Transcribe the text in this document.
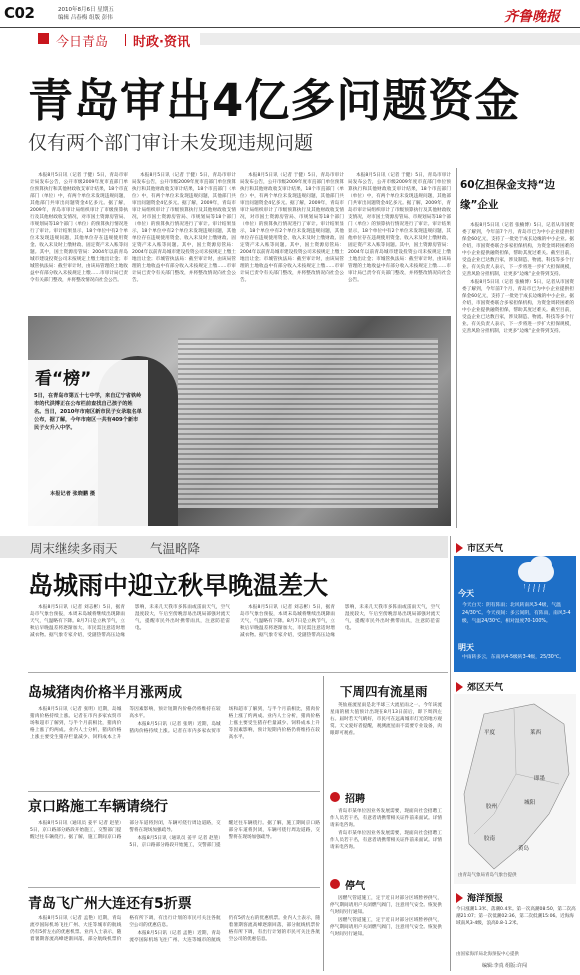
C02	2010年8月6日 星期五
编辑 吕春梅 组版 彭伟	齐鲁晚报
今日青岛 时政·资讯
青岛审出4亿多问题资金
仅有两个部门审计未发现违规问题

本报8月5日讯（记者 于健）5日，青岛市审计局发布公告，公开市级2009年度市直部门单位预算执行和其他财政收支审计结果，18个市直部门（单位）中，有两个单位未发现违规问题，其他部门共审出问题资金4亿多元。据了解，2009年，青岛市审计局组织审计了市级预算执行及其他财政收支情况，对市国土资源房管局、市规划局等18个部门（单位）的预算执行情况进行了审计。审计结果显示，18个单位中有2个单位未发现违规问题，其他单位存在违规使用资金、收入未及时上缴财政、固定资产未入账等问题。其中，国土资源房管局：2004年以前青岛城市建设投资公司未按规定上缴土地出让金；市城管执法局：截至审计时，由该局管理的土地收益中有部分收入未按规定上缴……市审计局已责令有关部门整改，并将整改情况向社会公告。

本报8月5日讯（记者 于健）5日，青岛市审计局发布公告，公开市级2009年度市直部门单位预算执行和其他财政收支审计结果，18个市直部门（单位）中，有两个单位未发现违规问题，其他部门共审出问题资金4亿多元。据了解，2009年，青岛市审计局组织审计了市级预算执行及其他财政收支情况，对市国土资源房管局、市规划局等18个部门（单位）的预算执行情况进行了审计。审计结果显示，18个单位中有2个单位未发现违规问题，其他单位存在违规使用资金、收入未及时上缴财政、固定资产未入账等问题。其中，国土资源房管局：2004年以前青岛城市建设投资公司未按规定上缴土地出让金；市城管执法局：截至审计时，由该局管理的土地收益中有部分收入未按规定上缴……市审计局已责令有关部门整改，并将整改情况向社会公告。

本报8月5日讯（记者 于健）5日，青岛市审计局发布公告，公开市级2009年度市直部门单位预算执行和其他财政收支审计结果，18个市直部门（单位）中，有两个单位未发现违规问题，其他部门共审出问题资金4亿多元。据了解，2009年，青岛市审计局组织审计了市级预算执行及其他财政收支情况，对市国土资源房管局、市规划局等18个部门（单位）的预算执行情况进行了审计。审计结果显示，18个单位中有2个单位未发现违规问题，其他单位存在违规使用资金、收入未及时上缴财政、固定资产未入账等问题。其中，国土资源房管局：2004年以前青岛城市建设投资公司未按规定上缴土地出让金；市城管执法局：截至审计时，由该局管理的土地收益中有部分收入未按规定上缴……市审计局已责令有关部门整改，并将整改情况向社会公告。

本报8月5日讯（记者 于健）5日，青岛市审计局发布公告，公开市级2009年度市直部门单位预算执行和其他财政收支审计结果，18个市直部门（单位）中，有两个单位未发现违规问题，其他部门共审出问题资金4亿多元。据了解，2009年，青岛市审计局组织审计了市级预算执行及其他财政收支情况，对市国土资源房管局、市规划局等18个部门（单位）的预算执行情况进行了审计。审计结果显示，18个单位中有2个单位未发现违规问题，其他单位存在违规使用资金、收入未及时上缴财政、固定资产未入账等问题。其中，国土资源房管局：2004年以前青岛城市建设投资公司未按规定上缴土地出让金；市城管执法局：截至审计时，由该局管理的土地收益中有部分收入未按规定上缴……市审计局已责令有关部门整改，并将整改情况向社会公告。

看“榜”
5日，在青岛市第五十七中学，来自辽宁省铁岭市的代洪博正在公布栏前查找自己孩子的姓名。当日，2010年市南区新市民子女录取名单公布，据了解，今年市南区一共有409个新市民子女升入中学。
本报记者 张晓鹏 摄
60亿担保金支持“边缘”企业

本报8月5日讯（记者 张楠博）5日，记者从市国资委了解到，今年前7个月，青岛市已为中小企业提供担保金60亿元，支持了一批处于成长边缘的中小企业。据介绍，市国资委联合多家担保机构，为资金周转困难的中小企业提供融资担保，帮助其度过难关。截至目前，受益企业已达数百家，涉及制造、物流、科技等多个行业。有关负责人表示，下一步将进一步扩大担保规模，完善风险分担机制，让更多“边缘”企业得到支持。

本报8月5日讯（记者 张楠博）5日，记者从市国资委了解到，今年前7个月，青岛市已为中小企业提供担保金60亿元，支持了一批处于成长边缘的中小企业。据介绍，市国资委联合多家担保机构，为资金周转困难的中小企业提供融资担保，帮助其度过难关。截至目前，受益企业已达数百家，涉及制造、物流、科技等多个行业。有关负责人表示，下一步将进一步扩大担保规模，完善风险分担机制，让更多“边缘”企业得到支持。

周末继续多雨天	气温略降
岛城雨中迎立秋早晚温差大

本报8月5日讯（记者 刘志彬）5日，据青岛市气象台预报，本周末岛城将继续出现降雨天气，气温略有下降。8月7日是立秋节气，立秋后早晚温差将逐渐加大，市民需注意适时增减衣物。据气象专家介绍，受副热带高压边缘影响，未来几天我市多阵雨或雷雨天气，空气湿度较大，午后至傍晚容易出现局部强对流天气，提醒市民外出时携带雨具，注意防范雷电。

本报8月5日讯（记者 刘志彬）5日，据青岛市气象台预报，本周末岛城将继续出现降雨天气，气温略有下降。8月7日是立秋节气，立秋后早晚温差将逐渐加大，市民需注意适时增减衣物。据气象专家介绍，受副热带高压边缘影响，未来几天我市多阵雨或雷雨天气，空气湿度较大，午后至傍晚容易出现局部强对流天气，提醒市民外出时携带雨具，注意防范雷电。

岛城猪肉价格半月涨两成

本报8月5日讯（记者 张明）近期，岛城猪肉价格持续上涨。记者在市内多家农贸市场和超市了解到，与半个月前相比，猪肉价格上涨了约两成。业内人士分析，猪肉价格上涨主要受生猪存栏量减少、饲料成本上升等因素影响，预计短期内价格仍将维持在较高水平。

本报8月5日讯（记者 张明）近期，岛城猪肉价格持续上涨。记者在市内多家农贸市场和超市了解到，与半个月前相比，猪肉价格上涨了约两成。业内人士分析，猪肉价格上涨主要受生猪存栏量减少、饲料成本上升等因素影响，预计短期内价格仍将维持在较高水平。

京口路施工车辆请绕行

本报8月5日讯（通讯员 姜平 记者 赵堃）5日，京口路部分路段开始施工，交警部门提醒过往车辆绕行。据了解，施工期间京口路部分车道将封闭，车辆可绕行周边道路，交警将在现场加强疏导。

本报8月5日讯（通讯员 姜平 记者 赵堃）5日，京口路部分路段开始施工，交警部门提醒过往车辆绕行。据了解，施工期间京口路部分车道将封闭，车辆可绕行周边道路，交警将在现场加强疏导。

青岛飞广州大连还有5折票

本报8月5日讯（记者 孟艳）近期，青岛流亭国际机场飞往广州、大连等城市的航线仍有5折左右的优惠机票。业内人士表示，随着暑期客流高峰逐渐回落，部分航线机票价格有所下调，有出行计划的市民可关注各航空公司的优惠信息。

本报8月5日讯（记者 孟艳）近期，青岛流亭国际机场飞往广州、大连等城市的航线仍有5折左右的优惠机票。业内人士表示，随着暑期客流高峰逐渐回落，部分航线机票价格有所下调，有出行计划的市民可关注各航空公司的优惠信息。

下周四有流星雨

英仙座流星雨是北半球三大流星雨之一。今年该流星雨的极大值预计出现在8月13日前后，即下周四左右。届时若天气晴好，市民可在远离城市灯光的地方观赏。天文爱好者提醒，观测流星雨不需要专业设备，肉眼即可观看。

招聘

青岛市某单位因业务发展需要，现面向社会招聘工作人员若干名，有意者请携带相关证件前来面试。详情请来电咨询。

青岛市某单位因业务发展需要，现面向社会招聘工作人员若干名，有意者请携带相关证件前来面试。详情请来电咨询。

停气

因燃气管道施工，定于近日对部分区域暂停供气，停气期间请用户关闭燃气阀门，注意用气安全。恢复供气时间另行通知。

因燃气管道施工，定于近日对部分区域暂停供气，停气期间请用户关闭燃气阀门，注意用气安全。恢复供气时间另行通知。

市区天气
今天
今天白天：阴有阵雨；北风转南风3-4级，气温24/30℃。今天夜间：多云间阴，有阵雨，南风3-4级，气温24/30℃，相对湿度70-100%。
明天
中雨转多云，东南风4-5级转3-4级，25/30℃。
郊区天气
莱西
平度
即墨
胶州
胶南
城阳
黄岛
由青岛气象局青岛气象台提供
海洋预报
今日涨潮1.3米、落潮0.4米。第一次高潮08:50，第二次高潮21:07；第一次低潮02:36，第二次低潮15:06。近海海域南风3-4级，浪高0.8-1.2米。
由国家海洋局北海预报中心提供
编辑:李真 组版:许闯
